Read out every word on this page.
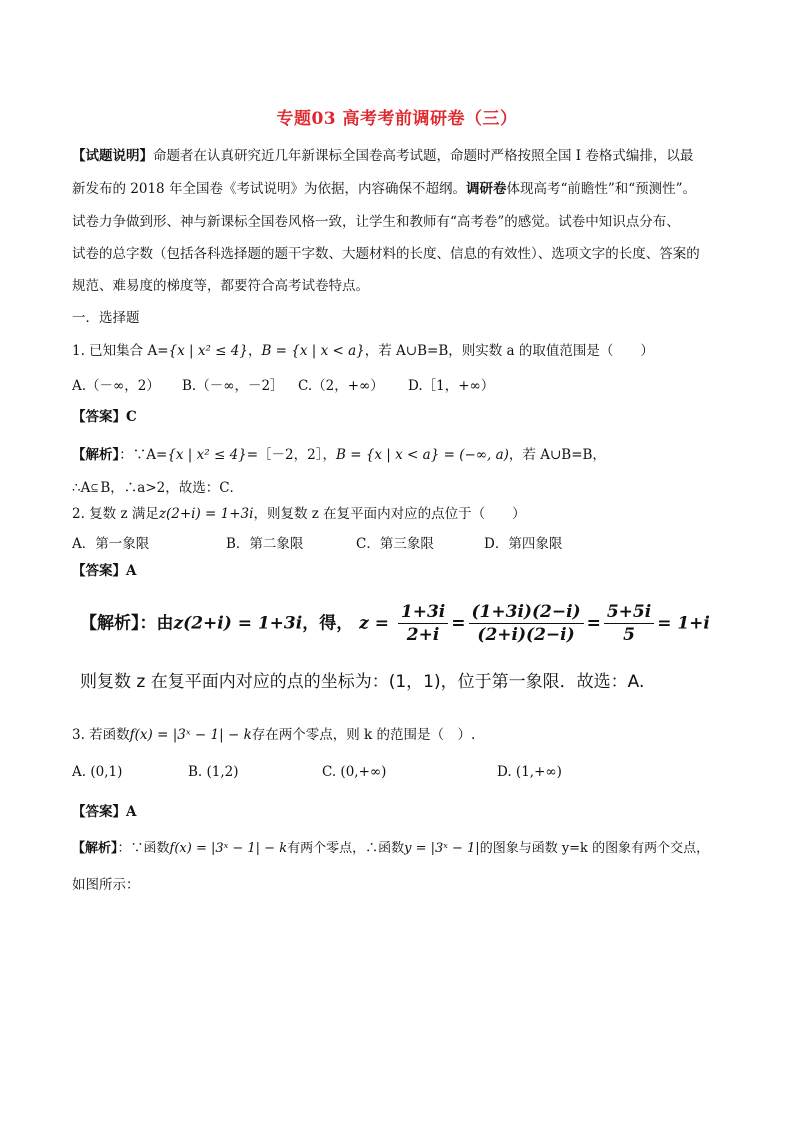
专题03 高考考前调研卷（三）
【试题说明】命题者在认真研究近几年新课标全国卷高考试题，命题时严格按照全国 I 卷格式编排，以最
新发布的 2018 年全国卷《考试说明》为依据，内容确保不超纲。调研卷体现高考“前瞻性”和“预测性”。
试卷力争做到形、神与新课标全国卷风格一致，让学生和教师有“高考卷”的感觉。试卷中知识点分布、
试卷的总字数（包括各科选择题的题干字数、大题材料的长度、信息的有效性）、选项文字的长度、答案的
规范、难易度的梯度等，都要符合高考试卷特点。
一．选择题
1. 已知集合 A={x | x² ≤ 4}，B = {x | x < a}，若 A∪B=B，则实数 a 的取值范围是（　　）
A.（－∞，2） B.（－∞，－2］ C.（2，+∞） D.［1，+∞）
【答案】C
【解析】：∵A={x | x² ≤ 4}=［－2，2］，B = {x | x < a} = (−∞, a)，若 A∪B=B，
∴A ⊆ B，∴a>2，故选：C．
2. 复数 z 满足z(2+i) = 1+3i，则复数 z 在复平面内对应的点位于（　　）
A．第一象限	B．第二象限	C．第三象限	D．第四象限
【答案】A
【解析】：由z(2+i) = 1+3i，得， $z = \frac{1+3i}{2+i} = \frac{(1+3i)(2-i)}{(2+i)(2-i)} = \frac{5+5i}{5} = 1+i$
则复数 z 在复平面内对应的点的坐标为：(1，1)，位于第一象限．故选：A.
3. 若函数f(x) = |3ˣ − 1| − k存在两个零点，则 k 的范围是（　）.
A. (0,1)	B. (1,2)	C. (0,+∞)	D. (1,+∞)
【答案】A
【解析】：∵函数f(x) = |3ˣ − 1| − k有两个零点，∴函数y = |3ˣ − 1|的图象与函数 y=k 的图象有两个交点，
如图所示：
